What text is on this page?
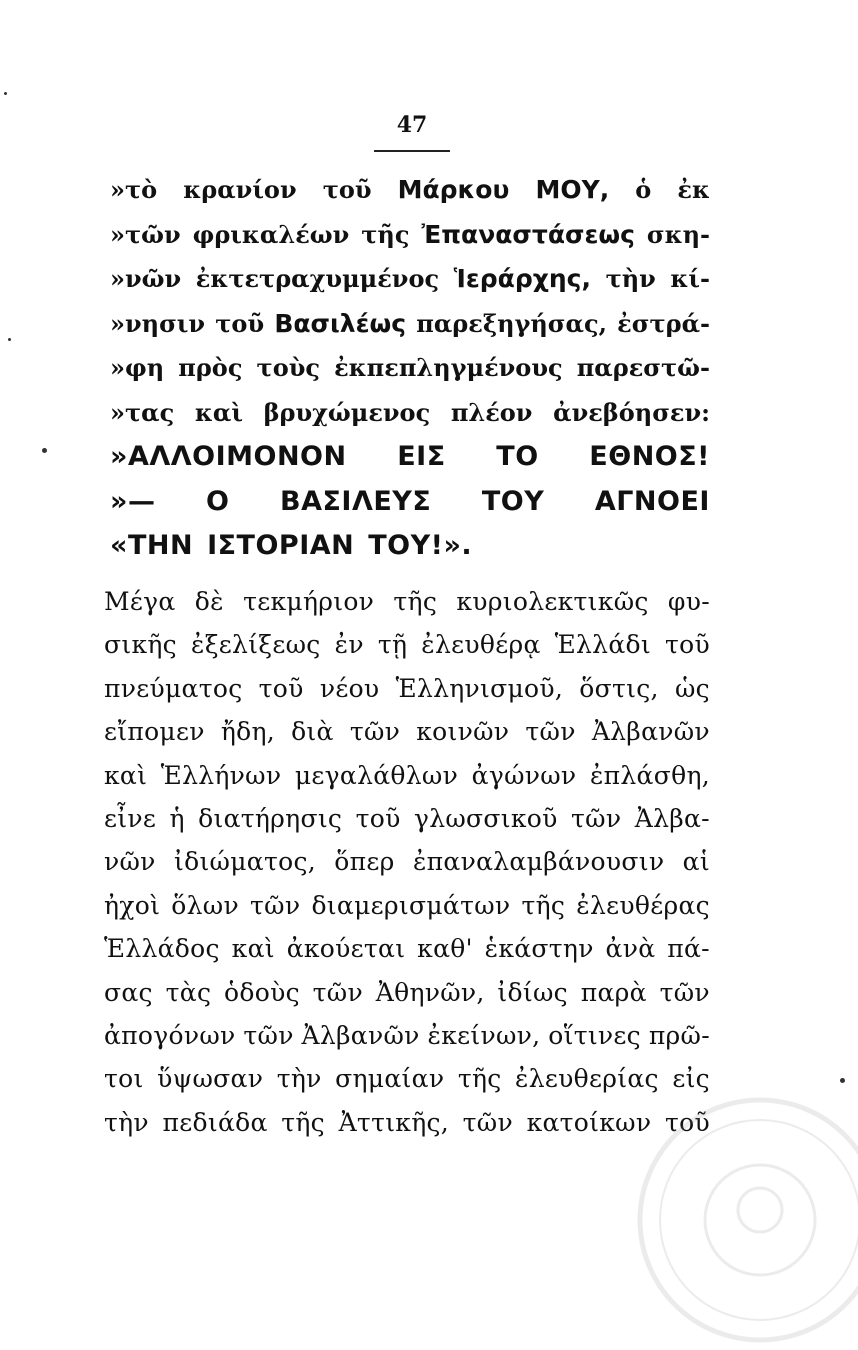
47
»τὸ κρανίον τοῦ Μάρκου ΜΟΥ, ὁ ἐκ
»τῶν φρικαλέων τῆς Ἐπαναστάσεως σκη-
»νῶν ἐκτετραχυμμένος Ἱεράρχης, τὴν κί-
»νησιν τοῦ Βασιλέως παρεξηγήσας, ἐστρά-
»φη πρὸς τοὺς ἐκπεπληγμένους παρεστῶ-
»τας καὶ βρυχώμενος πλέον ἀνεβόησεν:
»ΑΛΛΟΙΜΟΝΟΝ ΕΙΣ ΤΟ ΕΘΝΟΣ!
»— Ο ΒΑΣΙΛΕΥΣ ΤΟΥ ΑΓΝΟΕΙ
«ΤΗΝ ΙΣΤΟΡΙΑΝ ΤΟΥ!».
Μέγα δὲ τεκμήριον τῆς κυριολεκτικῶς φυ-
σικῆς ἐξελίξεως ἐν τῇ ἐλευθέρᾳ Ἑλλάδι τοῦ
πνεύματος τοῦ νέου Ἑλληνισμοῦ, ὅστις, ὡς
εἴπομεν ἤδη, διὰ τῶν κοινῶν τῶν Ἀλβανῶν
καὶ Ἑλλήνων μεγαλάθλων ἀγώνων ἐπλάσθη,
εἶνε ἡ διατήρησις τοῦ γλωσσικοῦ τῶν Ἀλβα-
νῶν ἰδιώματος, ὅπερ ἐπαναλαμβάνουσιν αἱ
ἠχοὶ ὅλων τῶν διαμερισμάτων τῆς ἐλευθέρας
Ἑλλάδος καὶ ἀκούεται καθ' ἑκάστην ἀνὰ πά-
σας τὰς ὁδοὺς τῶν Ἀθηνῶν, ἰδίως παρὰ τῶν
ἀπογόνων τῶν Ἀλβανῶν ἐκείνων, οἵτινες πρῶ-
τοι ὕψωσαν τὴν σημαίαν τῆς ἐλευθερίας εἰς
τὴν πεδιάδα τῆς Ἀττικῆς, τῶν κατοίκων τοῦ
